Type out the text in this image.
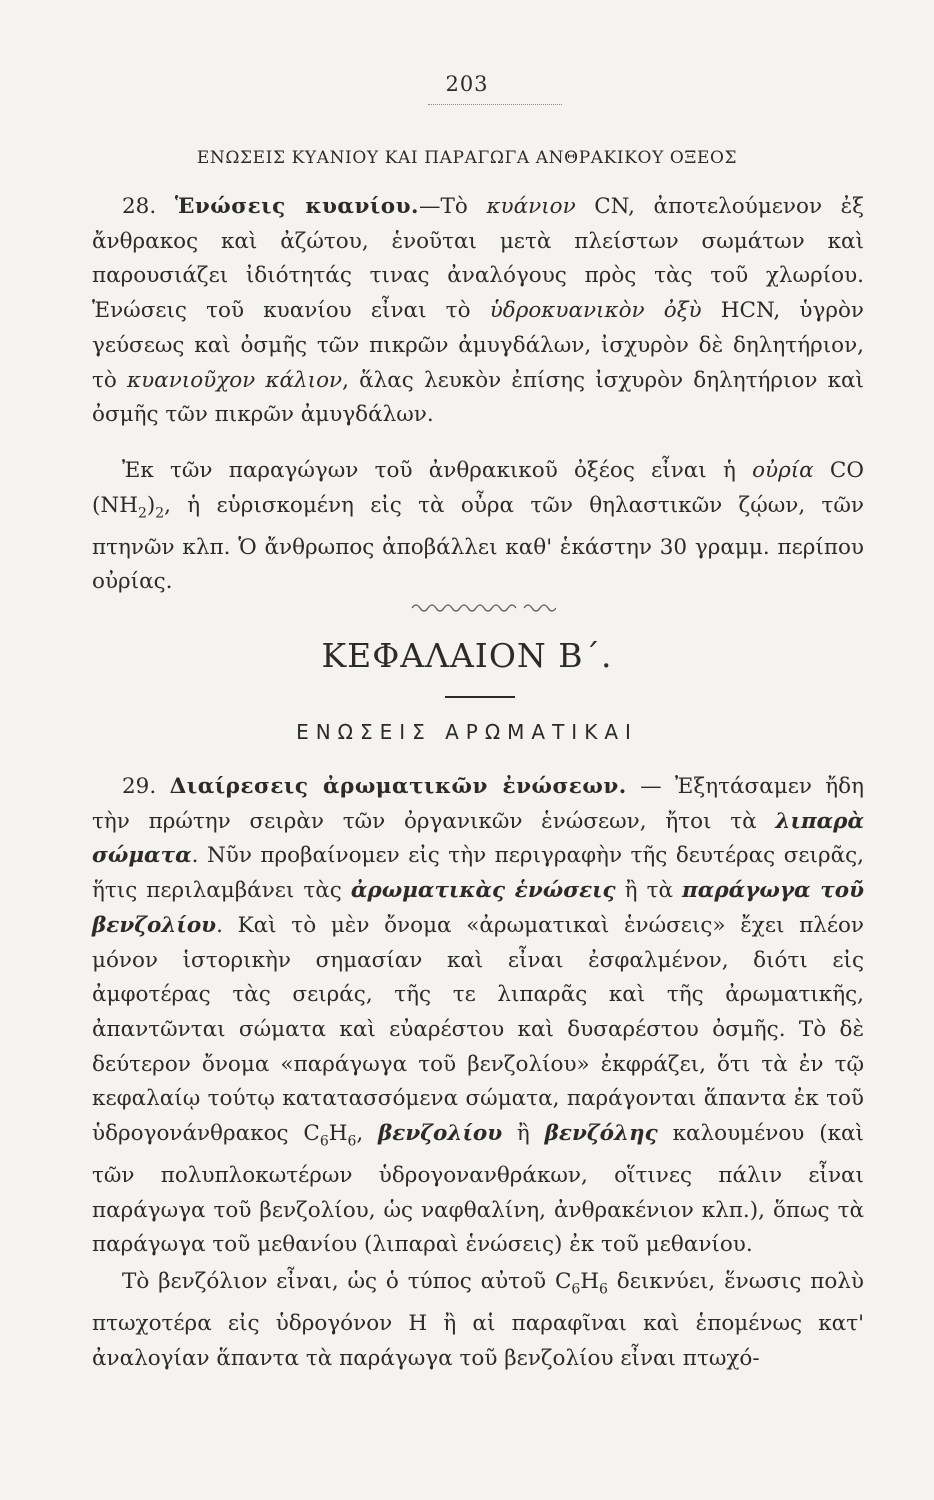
203
ΕΝΩΣΕΙΣ ΚΥΑΝΙΟΥ ΚΑΙ ΠΑΡΑΓΩΓΑ ΑΝΘΡΑΚΙΚΟΥ ΟΞΕΟΣ

28. Ἑνώσεις κυανίου.—Τὸ κυάνιον CN, ἀποτελούμενον ἐξ ἄνθρακος καὶ ἀζώτου, ἑνοῦται μετὰ πλείστων σωμάτων καὶ παρουσιάζει ἰδιότητάς τινας ἀναλόγους πρὸς τὰς τοῦ χλωρίου. Ἑνώσεις τοῦ κυανίου εἶναι τὸ ὑδροκυανικὸν ὀξὺ HCN, ὑγρὸν γεύσεως καὶ ὀσμῆς τῶν πικρῶν ἀμυγδάλων, ἰσχυρὸν δὲ δηλητήριον, τὸ κυανιοῦχον κάλιον, ἅλας λευκὸν ἐπίσης ἰσχυρὸν δηλητήριον καὶ ὀσμῆς τῶν πικρῶν ἀμυγδάλων.

Ἐκ τῶν παραγώγων τοῦ ἀνθρακικοῦ ὀξέος εἶναι ἡ οὐρία CO $(NH_2)_2$, ἡ εὑρισκομένη εἰς τὰ οὖρα τῶν θηλαστικῶν ζῴων, τῶν πτηνῶν κλπ. Ὁ ἄνθρωπος ἀποβάλλει καθ' ἑκάστην 30 γραμμ. περίπου οὐρίας.

ΚΕΦΑΛΑΙΟΝ Β΄.
ΕΝΩΣΕΙΣ ΑΡΩΜΑΤΙΚΑΙ

29. Διαίρεσεις ἀρωματικῶν ἐνώσεων. — Ἐξητάσαμεν ἤδη τὴν πρώτην σειρὰν τῶν ὀργανικῶν ἑνώσεων, ἤτοι τὰ λιπαρὰ σώματα. Νῦν προβαίνομεν εἰς τὴν περιγραφὴν τῆς δευτέρας σειρᾶς, ἥτις περιλαμβάνει τὰς ἀρωματικὰς ἑνώσεις ἢ τὰ παράγωγα τοῦ βενζολίου. Καὶ τὸ μὲν ὄνομα «ἀρωματικαὶ ἑνώσεις» ἔχει πλέον μόνον ἱστορικὴν σημασίαν καὶ εἶναι ἐσφαλμένον, διότι εἰς ἀμφοτέρας τὰς σειράς, τῆς τε λιπαρᾶς καὶ τῆς ἀρωματικῆς, ἀπαντῶνται σώματα καὶ εὐαρέστου καὶ δυσαρέστου ὀσμῆς. Τὸ δὲ δεύτερον ὄνομα «παράγωγα τοῦ βενζολίου» ἐκφράζει, ὅτι τὰ ἐν τῷ κεφαλαίῳ τούτῳ κατατασσόμενα σώματα, παράγονται ἅπαντα ἐκ τοῦ ὑδρογονάνθρακος $C_6H_6$, βενζολίου ἢ βενζόλης καλουμένου (καὶ τῶν πολυπλοκωτέρων ὑδρογονανθράκων, οἵτινες πάλιν εἶναι παράγωγα τοῦ βενζολίου, ὡς ναφθαλίνη, ἀνθρακένιον κλπ.), ὅπως τὰ παράγωγα τοῦ μεθανίου (λιπαραὶ ἑνώσεις) ἐκ τοῦ μεθανίου.

Τὸ βενζόλιον εἶναι, ὡς ὁ τύπος αὐτοῦ $C_6H_6$ δεικνύει, ἕνωσις πολὺ πτωχοτέρα εἰς ὑδρογόνον H ἢ αἱ παραφῖναι καὶ ἑπομένως κατ' ἀναλογίαν ἅπαντα τὰ παράγωγα τοῦ βενζολίου εἶναι πτωχό-
